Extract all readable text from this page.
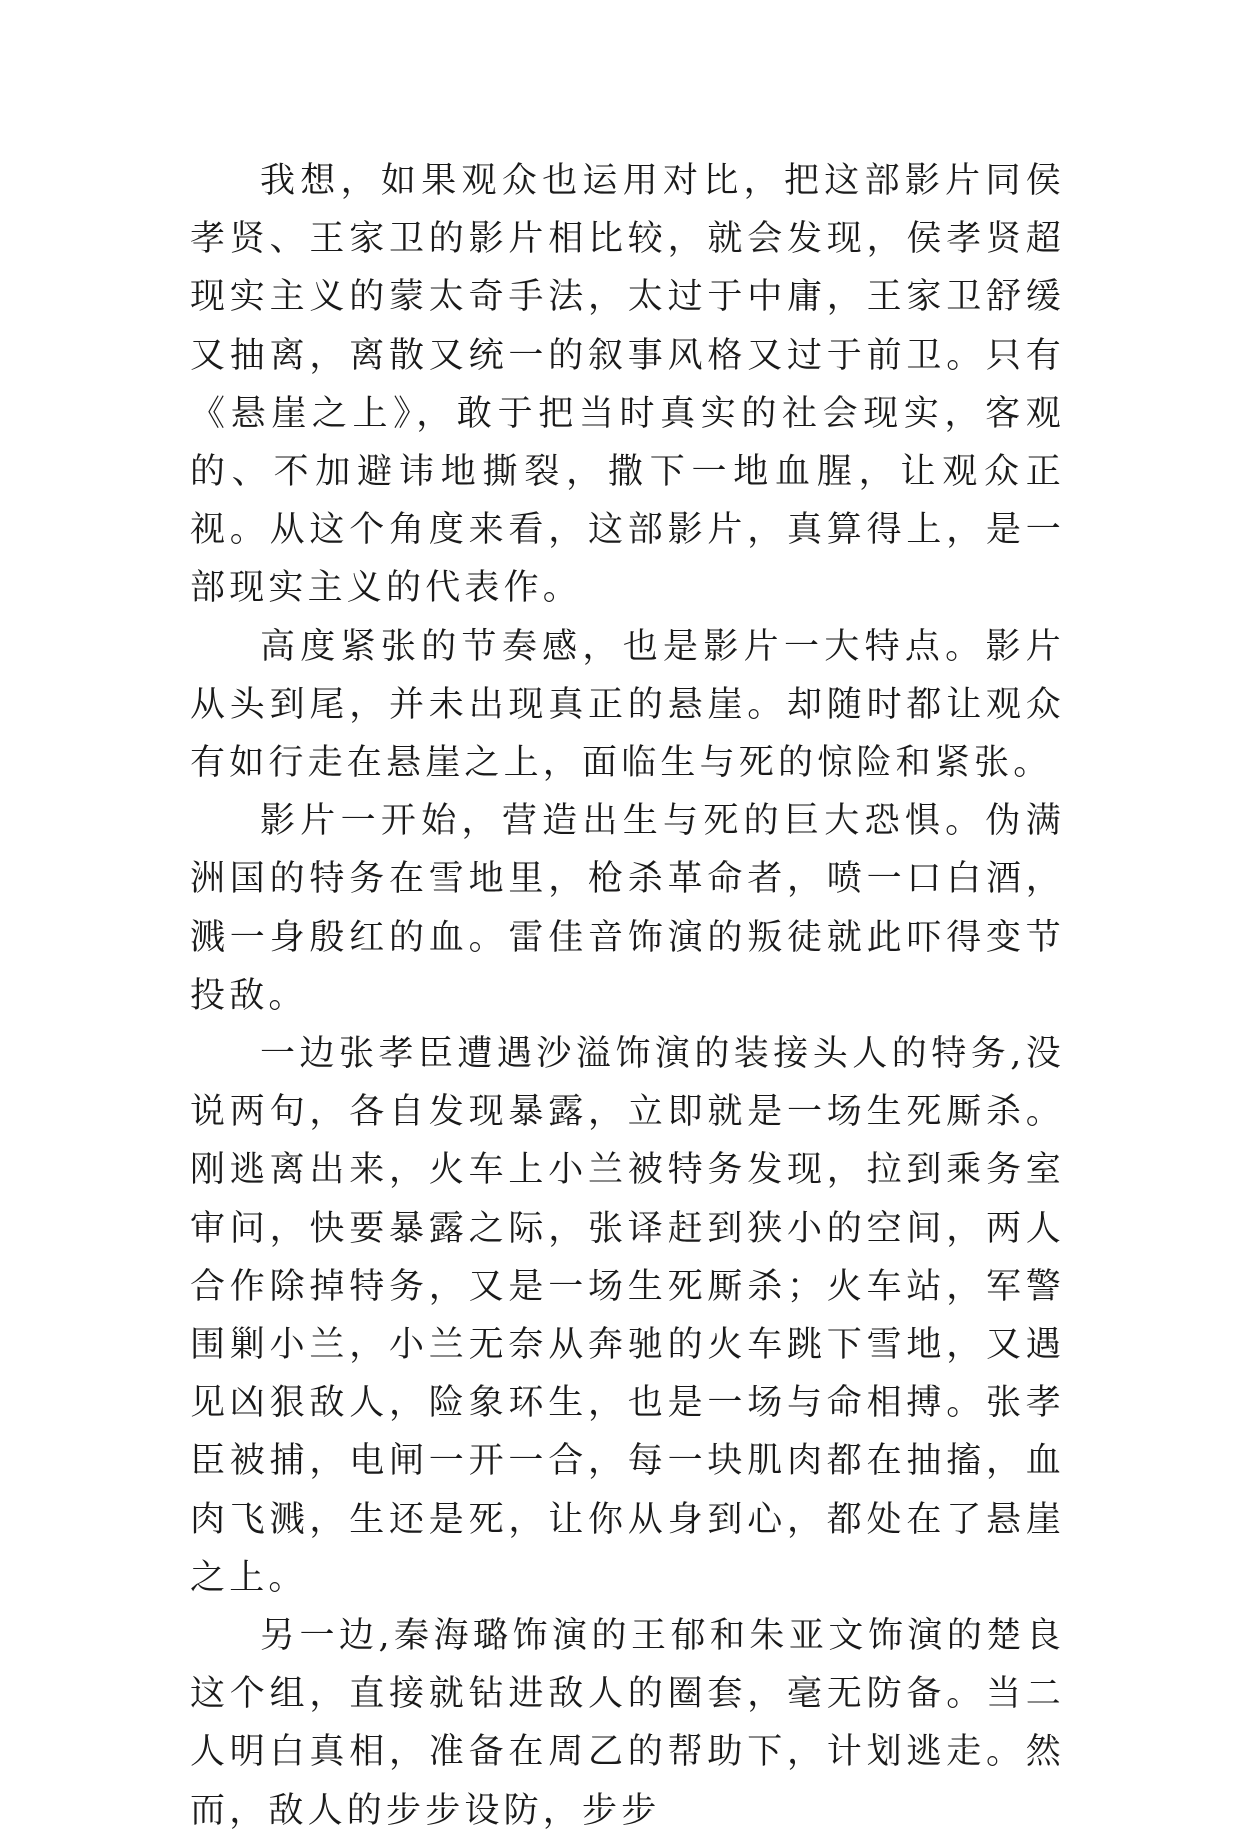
我想，如果观众也运用对比，把这部影片同侯孝贤、王家卫的影片相比较，就会发现，侯孝贤超现实主义的蒙太奇手法，太过于中庸，王家卫舒缓又抽离，离散又统一的叙事风格又过于前卫。只有《悬崖之上》，敢于把当时真实的社会现实，客观的、不加避讳地撕裂，撒下一地血腥，让观众正视。从这个角度来看，这部影片，真算得上，是一部现实主义的代表作。

高度紧张的节奏感，也是影片一大特点。影片从头到尾，并未出现真正的悬崖。却随时都让观众有如行走在悬崖之上，面临生与死的惊险和紧张。

影片一开始，营造出生与死的巨大恐惧。伪满洲国的特务在雪地里，枪杀革命者，喷一口白酒，溅一身殷红的血。雷佳音饰演的叛徒就此吓得变节投敌。

一边张孝臣遭遇沙溢饰演的装接头人的特务,没说两句，各自发现暴露，立即就是一场生死厮杀。刚逃离出来，火车上小兰被特务发现，拉到乘务室审问，快要暴露之际，张译赶到狭小的空间，两人合作除掉特务，又是一场生死厮杀；火车站，军警围剿小兰，小兰无奈从奔驰的火车跳下雪地，又遇见凶狠敌人，险象环生，也是一场与命相搏。张孝臣被捕，电闸一开一合，每一块肌肉都在抽搐，血肉飞溅，生还是死，让你从身到心，都处在了悬崖之上。

另一边,秦海璐饰演的王郁和朱亚文饰演的楚良这个组，直接就钻进敌人的圈套，毫无防备。当二人明白真相，准备在周乙的帮助下，计划逃走。然而，敌人的步步设防，步步
